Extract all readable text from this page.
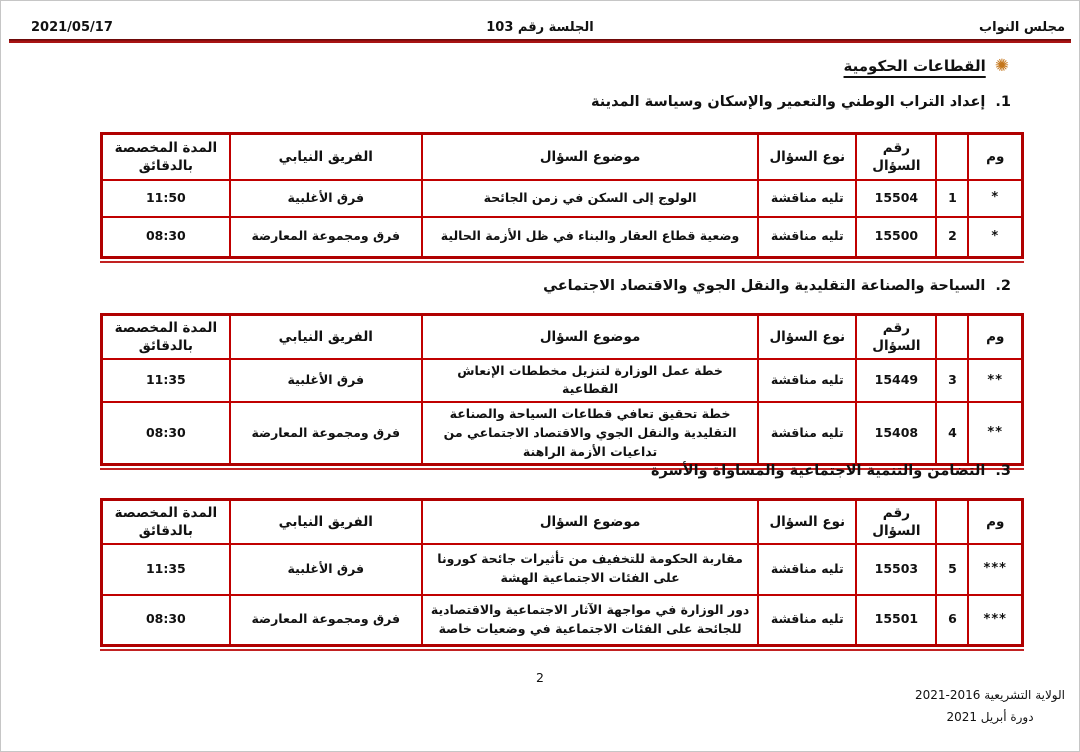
مجلس النواب
الجلسة رقم 103
2021/05/17
✺
القطاعات الحكومية
1.
إعداد التراب الوطني والتعمير والإسكان وسياسة المدينة
وم		رقم السؤال	نوع السؤال	موضوع السؤال	الفريق النيابي	المدة المخصصة بالدقائق
*	1	15504	تليه مناقشة	الولوج إلى السكن في زمن الجائحة	فرق الأغلبية	11:50
*	2	15500	تليه مناقشة	وضعية قطاع العقار والبناء في ظل الأزمة الحالية	فرق ومجموعة المعارضة	08:30
2.
السياحة والصناعة التقليدية والنقل الجوي والاقتصاد الاجتماعي
وم		رقم السؤال	نوع السؤال	موضوع السؤال	الفريق النيابي	المدة المخصصة بالدقائق
**	3	15449	تليه مناقشة	خطة عمل الوزارة لتنزيل مخططات الإنعاش القطاعية	فرق الأغلبية	11:35
**	4	15408	تليه مناقشة	خطة تحقيق تعافي قطاعات السياحة والصناعة التقليدية والنقل الجوي والاقتصاد الاجتماعي من تداعيات الأزمة الراهنة	فرق ومجموعة المعارضة	08:30
3.
التضامن والتنمية الاجتماعية والمساواة والأسرة
وم		رقم السؤال	نوع السؤال	موضوع السؤال	الفريق النيابي	المدة المخصصة بالدقائق
***	5	15503	تليه مناقشة	مقاربة الحكومة للتخفيف من تأثيرات جائحة كورونا على الفئات الاجتماعية الهشة	فرق الأغلبية	11:35
***	6	15501	تليه مناقشة	دور الوزارة في مواجهة الآثار الاجتماعية والاقتصادية للجائحة على الفئات الاجتماعية في وضعيات خاصة	فرق ومجموعة المعارضة	08:30
2
الولاية التشريعية 2016-2021
دورة أبريل 2021
